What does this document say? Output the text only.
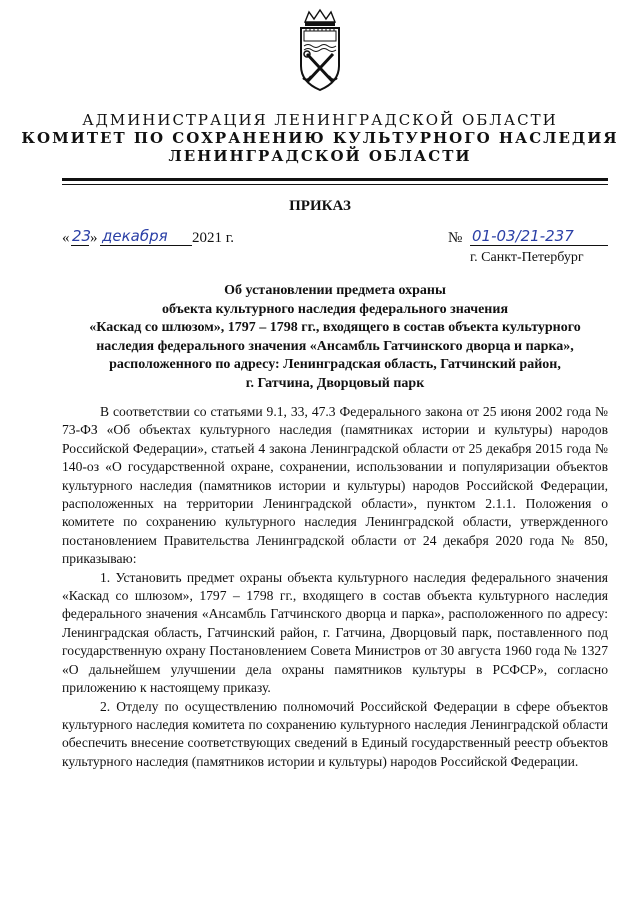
АДМИНИСТРАЦИЯ ЛЕНИНГРАДСКОЙ ОБЛАСТИ
КОМИТЕТ ПО СОХРАНЕНИЮ КУЛЬТУРНОГО НАСЛЕДИЯ
ЛЕНИНГРАДСКОЙ ОБЛАСТИ
ПРИКАЗ
« 23
» декабря 2021 г.	№ 01-03/21-237
г. Санкт-Петербург
Об установлении предмета охраны
объекта культурного наследия федерального значения
«Каскад со шлюзом», 1797 – 1798 гг., входящего в состав объекта культурного
наследия федерального значения «Ансамбль Гатчинского дворца и парка»,
расположенного по адресу: Ленинградская область, Гатчинский район,
г. Гатчина, Дворцовый парк

В соответствии со статьями 9.1, 33, 47.3 Федерального закона от 25 июня 2002 года № 73-ФЗ «Об объектах культурного наследия (памятниках истории и культуры) народов Российской Федерации», статьей 4 закона Ленинградской области от 25 декабря 2015 года № 140-оз «О государственной охране, сохранении, использовании и популяризации объектов культурного наследия (памятников истории и культуры) народов Российской Федерации, расположенных на территории Ленинградской области», пунктом 2.1.1. Положения о комитете по сохранению культурного наследия Ленинградской области, утвержденного постановлением Правительства Ленинградской области от 24 декабря 2020 года № 850, приказываю:

1. Установить предмет охраны объекта культурного наследия федерального значения «Каскад со шлюзом», 1797 – 1798 гг., входящего в состав объекта культурного наследия федерального значения «Ансамбль Гатчинского дворца и парка», расположенного по адресу: Ленинградская область, Гатчинский район, г. Гатчина, Дворцовый парк, поставленного под государственную охрану Постановлением Совета Министров от 30 августа 1960 года № 1327 «О дальнейшем улучшении дела охраны памятников культуры в РСФСР», согласно приложению к настоящему приказу.

2. Отделу по осуществлению полномочий Российской Федерации в сфере объектов культурного наследия комитета по сохранению культурного наследия Ленинградской области обеспечить внесение соответствующих сведений в Единый государственный реестр объектов культурного наследия (памятников истории и культуры) народов Российской Федерации.
